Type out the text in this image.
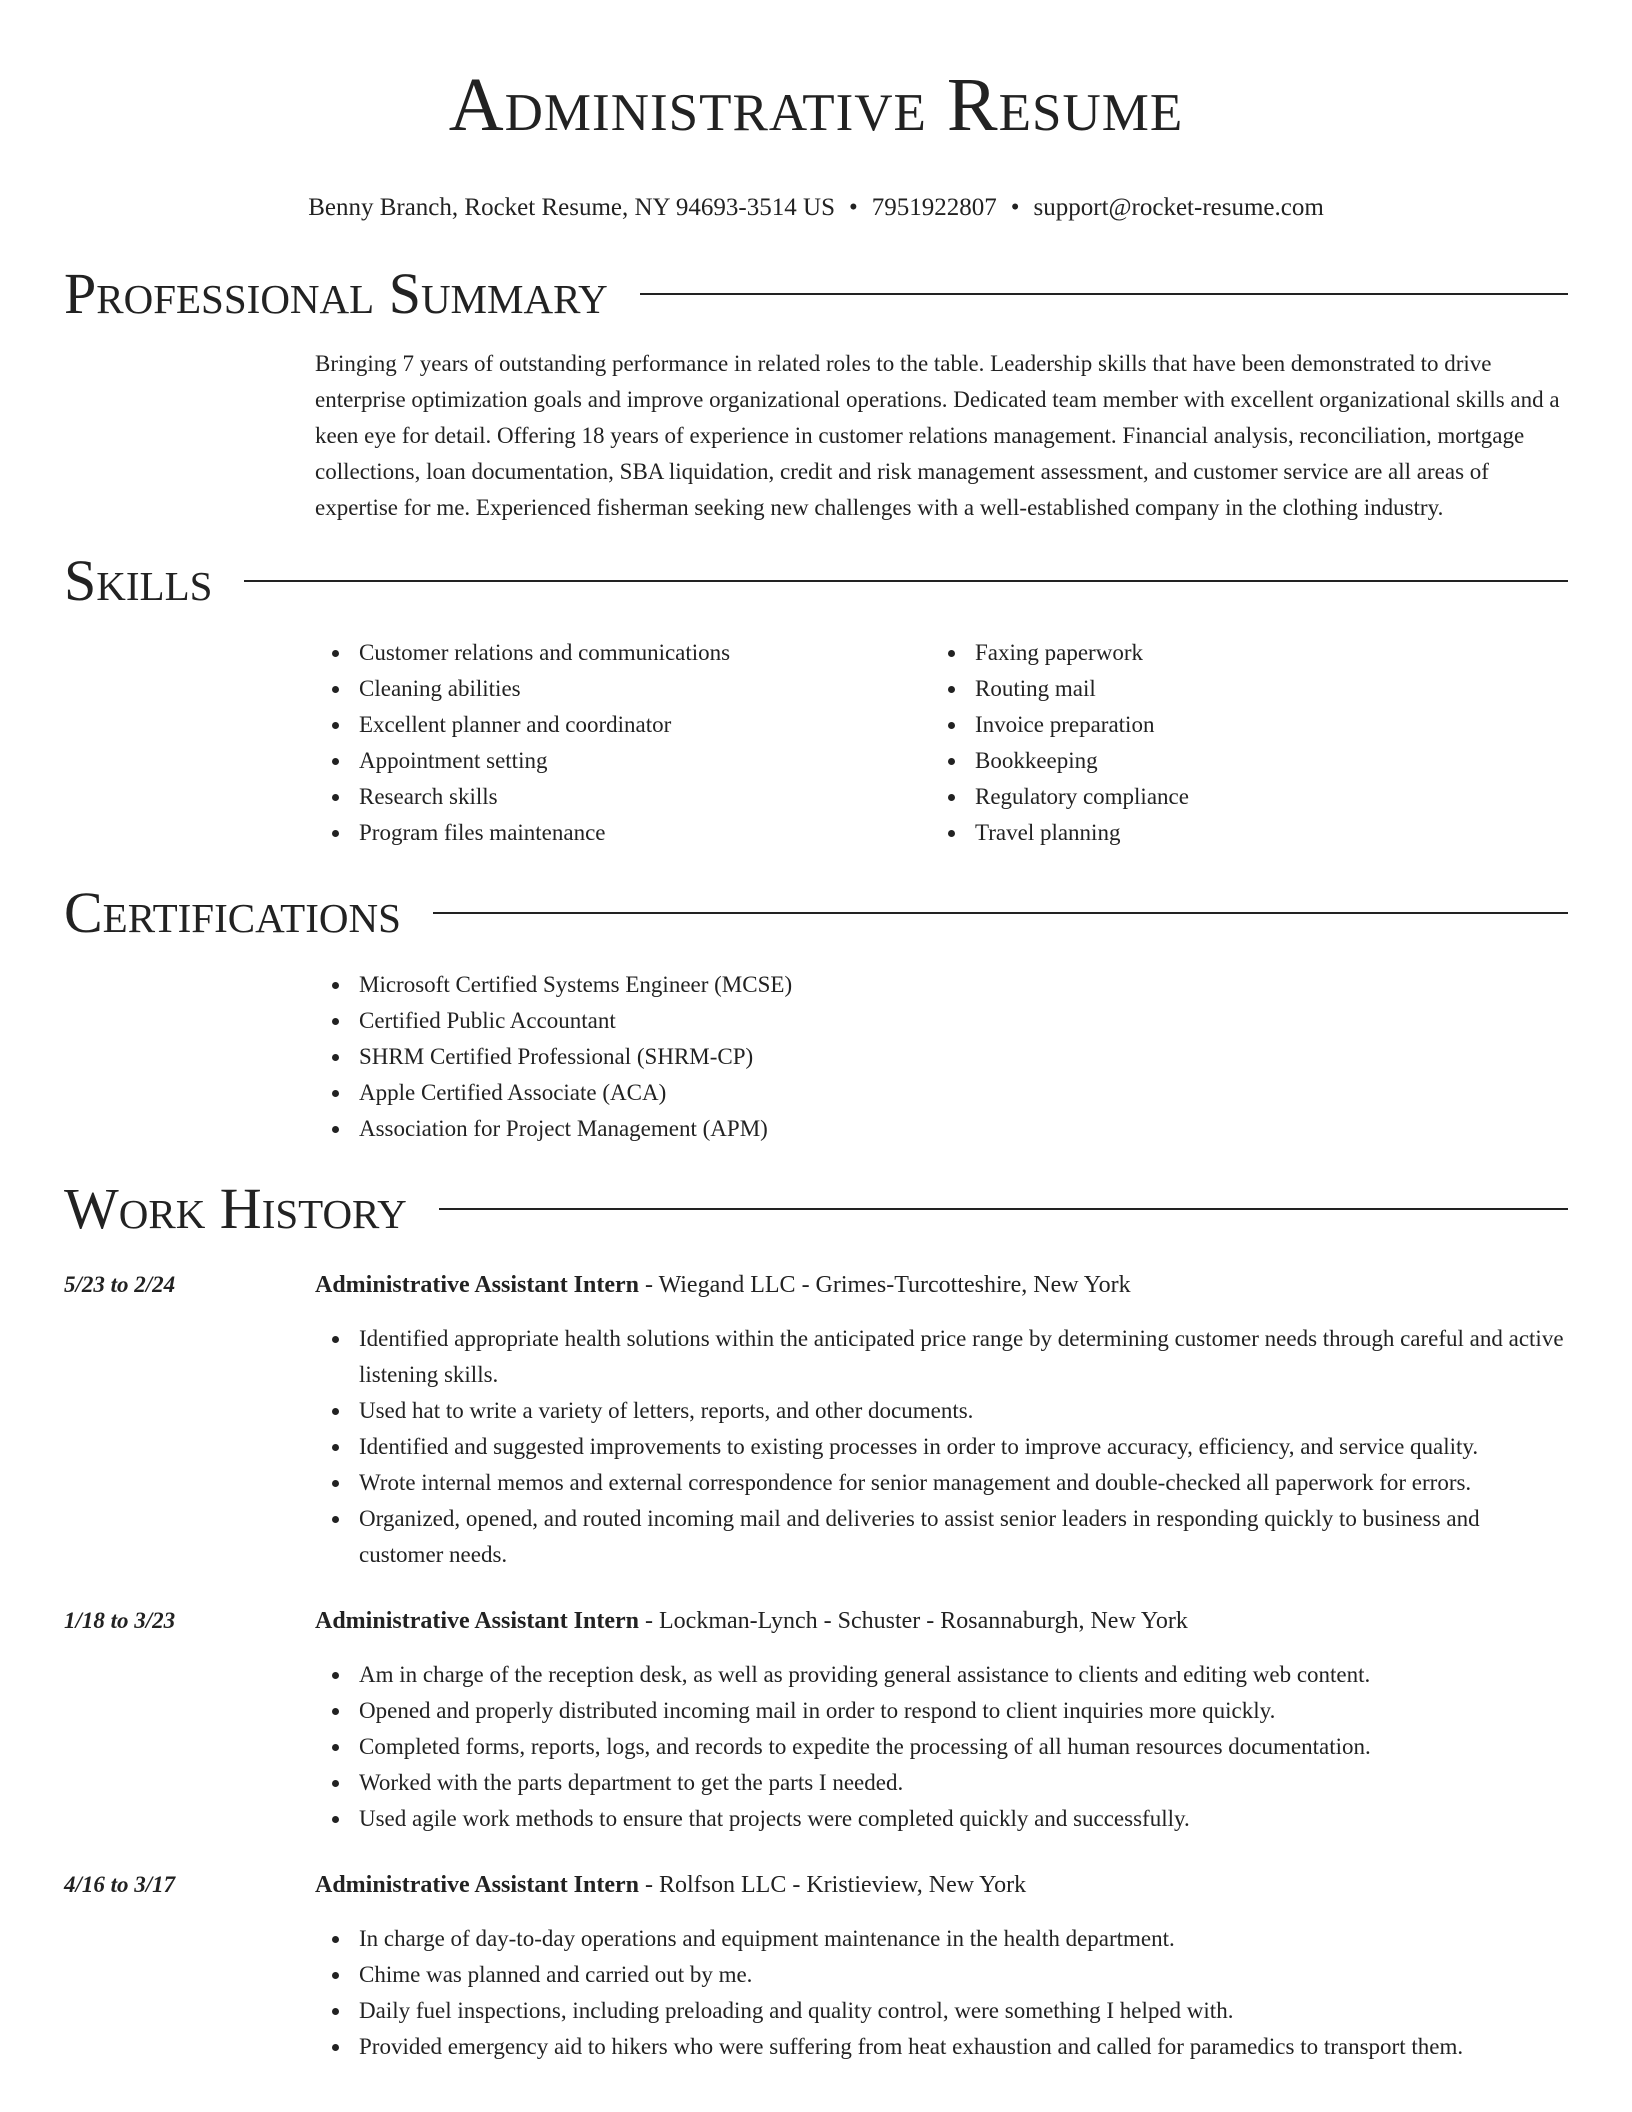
Administrative Resume
Benny Branch, Rocket Resume, NY 94693-3514 US • 7951922807 • support@rocket-resume.com
Professional Summary

Bringing 7 years of outstanding performance in related roles to the table. Leadership skills that have been demonstrated to drive enterprise optimization goals and improve organizational operations. Dedicated team member with excellent organizational skills and a keen eye for detail. Offering 18 years of experience in customer relations management. Financial analysis, reconciliation, mortgage collections, loan documentation, SBA liquidation, credit and risk management assessment, and customer service are all areas of expertise for me. Experienced fisherman seeking new challenges with a well-established company in the clothing industry.

Skills
Customer relations and communications
Cleaning abilities
Excellent planner and coordinator
Appointment setting
Research skills
Program files maintenance
Faxing paperwork
Routing mail
Invoice preparation
Bookkeeping
Regulatory compliance
Travel planning
Certifications
Microsoft Certified Systems Engineer (MCSE)
Certified Public Accountant
SHRM Certified Professional (SHRM-CP)
Apple Certified Associate (ACA)
Association for Project Management (APM)
Work History
5/23 to 2/24	Administrative Assistant Intern - Wiegand LLC - Grimes-Turcotteshire, New York
Identified appropriate health solutions within the anticipated price range by determining customer needs through careful and active listening skills.
Used hat to write a variety of letters, reports, and other documents.
Identified and suggested improvements to existing processes in order to improve accuracy, efficiency, and service quality.
Wrote internal memos and external correspondence for senior management and double-checked all paperwork for errors.
Organized, opened, and routed incoming mail and deliveries to assist senior leaders in responding quickly to business and customer needs.
1/18 to 3/23	Administrative Assistant Intern - Lockman-Lynch - Schuster - Rosannaburgh, New York
Am in charge of the reception desk, as well as providing general assistance to clients and editing web content.
Opened and properly distributed incoming mail in order to respond to client inquiries more quickly.
Completed forms, reports, logs, and records to expedite the processing of all human resources documentation.
Worked with the parts department to get the parts I needed.
Used agile work methods to ensure that projects were completed quickly and successfully.
4/16 to 3/17	Administrative Assistant Intern - Rolfson LLC - Kristieview, New York
In charge of day-to-day operations and equipment maintenance in the health department.
Chime was planned and carried out by me.
Daily fuel inspections, including preloading and quality control, were something I helped with.
Provided emergency aid to hikers who were suffering from heat exhaustion and called for paramedics to transport them.
